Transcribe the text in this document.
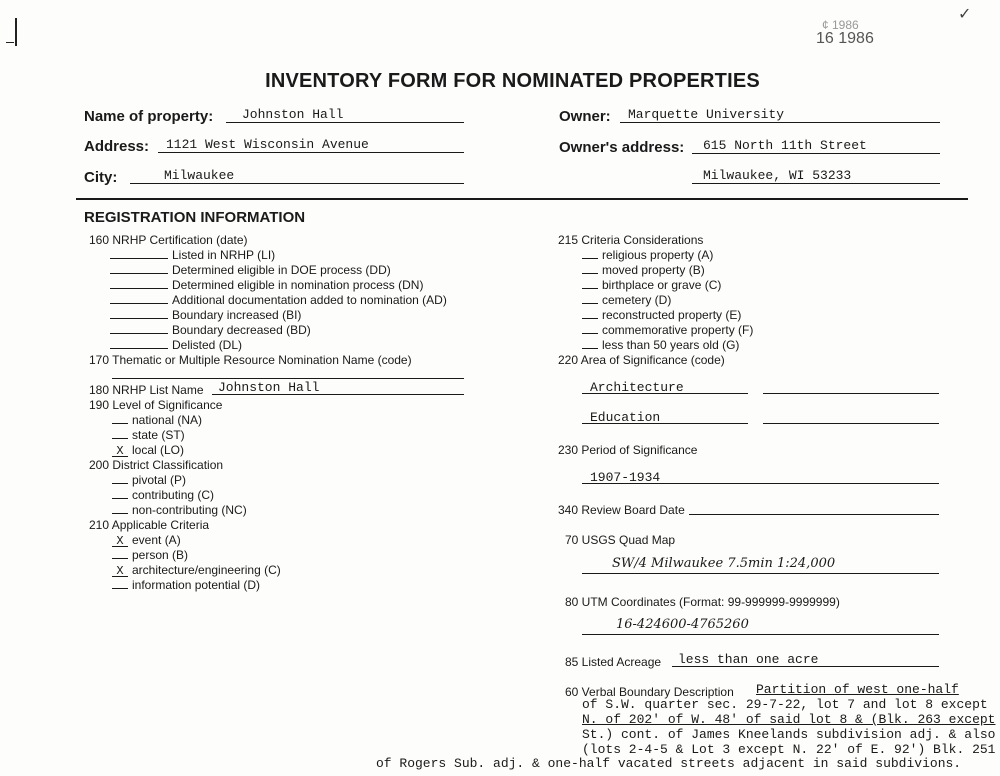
✓
¢ 1986
16 1986
INVENTORY FORM FOR NOMINATED PROPERTIES
Name of property: Johnston Hall
Address: 1121 West Wisconsin Avenue
City:	Milwaukee
Owner: Marquette University
Owner's address: 615 North 11th Street
Milwaukee, WI 53233
REGISTRATION INFORMATION
160 NRHP Certification (date)
Listed in NRHP (LI)
Determined eligible in DOE process (DD)
Determined eligible in nomination process (DN)
Additional documentation added to nomination (AD)
Boundary increased (BI)
Boundary decreased (BD)
Delisted (DL)
170 Thematic or Multiple Resource Nomination Name (code)
180 NRHP List Name Johnston Hall
190 Level of Significance
national (NA)
state (ST)
X local (LO)
200 District Classification
pivotal (P)
contributing (C)
non-contributing (NC)
210 Applicable Criteria
X event (A)
person (B)
X architecture/engineering (C)
information potential (D)
215 Criteria Considerations
religious property (A)
moved property (B)
birthplace or grave (C)
cemetery (D)
reconstructed property (E)
commemorative property (F)
less than 50 years old (G)
220 Area of Significance (code)
Architecture
Education
230 Period of Significance
1907-1934
340 Review Board Date
70 USGS Quad Map
SW/4 Milwaukee 7.5min 1:24,000
80 UTM Coordinates (Format: 99-999999-9999999)
16-424600-4765260
85 Listed Acreage less than one acre
60 Verbal Boundary Description Partition of west one-half
of S.W. quarter sec. 29-7-22, lot 7 and lot 8 except
N. of 202' of W. 48' of said lot 8 & (Blk. 263 except
St.) cont. of James Kneelands subdivision adj. & also
(lots 2-4-5 & Lot 3 except N. 22' of E. 92') Blk. 251
of Rogers Sub. adj. & one-half vacated streets adjacent in said subdivions.
